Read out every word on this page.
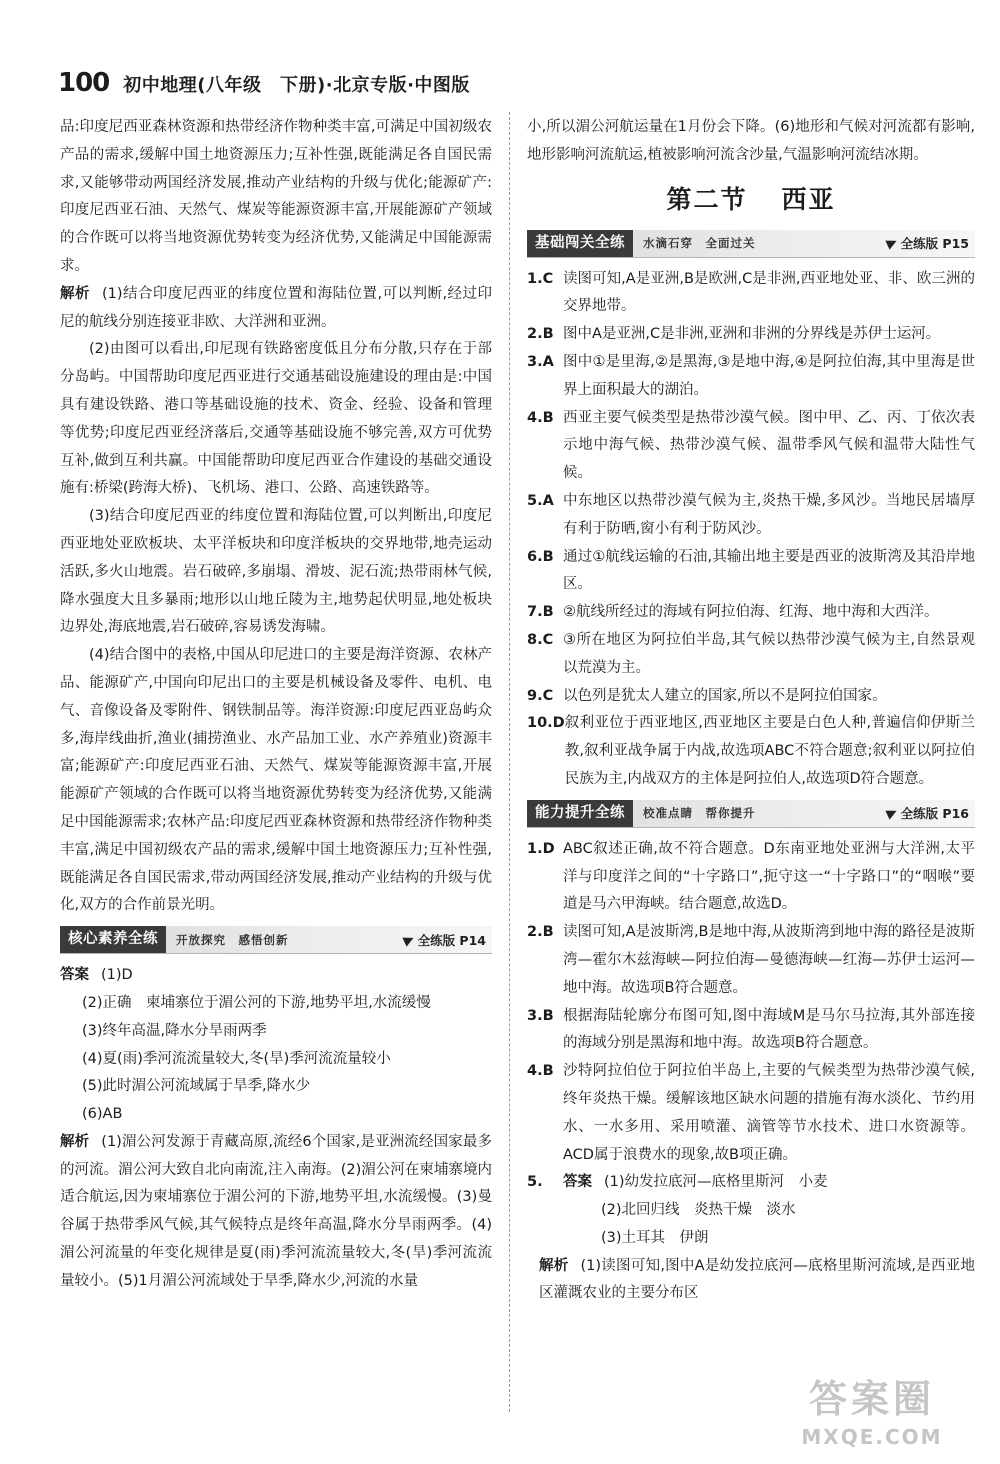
100 初中地理(八年级　下册)·北京专版·中图版

品:印度尼西亚森林资源和热带经济作物种类丰富,可满足中国初级农产品的需求,缓解中国土地资源压力;互补性强,既能满足各自国民需求,又能够带动两国经济发展,推动产业结构的升级与优化;能源矿产:印度尼西亚石油、天然气、煤炭等能源资源丰富,开展能源矿产领域的合作既可以将当地资源优势转变为经济优势,又能满足中国能源需求。

解析 (1)结合印度尼西亚的纬度位置和海陆位置,可以判断,经过印尼的航线分别连接亚非欧、大洋洲和亚洲。

(2)由图可以看出,印尼现有铁路密度低且分布分散,只存在于部分岛屿。中国帮助印度尼西亚进行交通基础设施建设的理由是:中国具有建设铁路、港口等基础设施的技术、资金、经验、设备和管理等优势;印度尼西亚经济落后,交通等基础设施不够完善,双方可优势互补,做到互利共赢。中国能帮助印度尼西亚合作建设的基础交通设施有:桥梁(跨海大桥)、飞机场、港口、公路、高速铁路等。

(3)结合印度尼西亚的纬度位置和海陆位置,可以判断出,印度尼西亚地处亚欧板块、太平洋板块和印度洋板块的交界地带,地壳运动活跃,多火山地震。岩石破碎,多崩塌、滑坡、泥石流;热带雨林气候,降水强度大且多暴雨;地形以山地丘陵为主,地势起伏明显,地处板块边界处,海底地震,岩石破碎,容易诱发海啸。

(4)结合图中的表格,中国从印尼进口的主要是海洋资源、农林产品、能源矿产,中国向印尼出口的主要是机械设备及零件、电机、电气、音像设备及零附件、钢铁制品等。海洋资源:印度尼西亚岛屿众多,海岸线曲折,渔业(捕捞渔业、水产品加工业、水产养殖业)资源丰富;能源矿产:印度尼西亚石油、天然气、煤炭等能源资源丰富,开展能源矿产领域的合作既可以将当地资源优势转变为经济优势,又能满足中国能源需求;农林产品:印度尼西亚森林资源和热带经济作物种类丰富,满足中国初级农产品的需求,缓解中国土地资源压力;互补性强,既能满足各自国民需求,带动两国经济发展,推动产业结构的升级与优化,双方的合作前景光明。

核心素养全练	开放探究　感悟创新	全练版 P14

答案 (1)D

(2)正确　柬埔寨位于湄公河的下游,地势平坦,水流缓慢

(3)终年高温,降水分旱雨两季

(4)夏(雨)季河流流量较大,冬(旱)季河流流量较小

(5)此时湄公河流域属于旱季,降水少

(6)AB

解析 (1)湄公河发源于青藏高原,流经6个国家,是亚洲流经国家最多的河流。湄公河大致自北向南流,注入南海。(2)湄公河在柬埔寨境内适合航运,因为柬埔寨位于湄公河的下游,地势平坦,水流缓慢。(3)曼谷属于热带季风气候,其气候特点是终年高温,降水分旱雨两季。(4)湄公河流量的年变化规律是夏(雨)季河流流量较大,冬(旱)季河流流量较小。(5)1月湄公河流域处于旱季,降水少,河流的水量

小,所以湄公河航运量在1月份会下降。(6)地形和气候对河流都有影响,地形影响河流航运,植被影响河流含沙量,气温影响河流结冰期。

第二节 西亚
基础闯关全练	水滴石穿　全面过关	全练版 P15
1.C 读图可知,A是亚洲,B是欧洲,C是非洲,西亚地处亚、非、欧三洲的交界地带。
2.B 图中A是亚洲,C是非洲,亚洲和非洲的分界线是苏伊士运河。
3.A 图中①是里海,②是黑海,③是地中海,④是阿拉伯海,其中里海是世界上面积最大的湖泊。
4.B 西亚主要气候类型是热带沙漠气候。图中甲、乙、丙、丁依次表示地中海气候、热带沙漠气候、温带季风气候和温带大陆性气候。
5.A 中东地区以热带沙漠气候为主,炎热干燥,多风沙。当地民居墙厚有利于防晒,窗小有利于防风沙。
6.B 通过①航线运输的石油,其输出地主要是西亚的波斯湾及其沿岸地区。
7.B ②航线所经过的海域有阿拉伯海、红海、地中海和大西洋。
8.C ③所在地区为阿拉伯半岛,其气候以热带沙漠气候为主,自然景观以荒漠为主。
9.C 以色列是犹太人建立的国家,所以不是阿拉伯国家。
10.D 叙利亚位于西亚地区,西亚地区主要是白色人种,普遍信仰伊斯兰教,叙利亚战争属于内战,故选项ABC不符合题意;叙利亚以阿拉伯民族为主,内战双方的主体是阿拉伯人,故选项D符合题意。
能力提升全练	校准点睛　帮你提升	全练版 P16
1.D ABC叙述正确,故不符合题意。D东南亚地处亚洲与大洋洲,太平洋与印度洋之间的“十字路口”,扼守这一“十字路口”的“咽喉”要道是马六甲海峡。结合题意,故选D。
2.B 读图可知,A是波斯湾,B是地中海,从波斯湾到地中海的路径是波斯湾—霍尔木兹海峡—阿拉伯海—曼德海峡—红海—苏伊士运河—地中海。故选项B符合题意。
3.B 根据海陆轮廓分布图可知,图中海域M是马尔马拉海,其外部连接的海域分别是黑海和地中海。故选项B符合题意。
4.B 沙特阿拉伯位于阿拉伯半岛上,主要的气候类型为热带沙漠气候,终年炎热干燥。缓解该地区缺水问题的措施有海水淡化、节约用水、一水多用、采用喷灌、滴管等节水技术、进口水资源等。ACD属于浪费水的现象,故B项正确。
5.	答案 (1)幼发拉底河—底格里斯河　小麦

(2)北回归线　炎热干燥　淡水

(3)土耳其　伊朗

解析 (1)读图可知,图中A是幼发拉底河—底格里斯河流域,是西亚地区灌溉农业的主要分布区

答案圈
MXQE.COM
